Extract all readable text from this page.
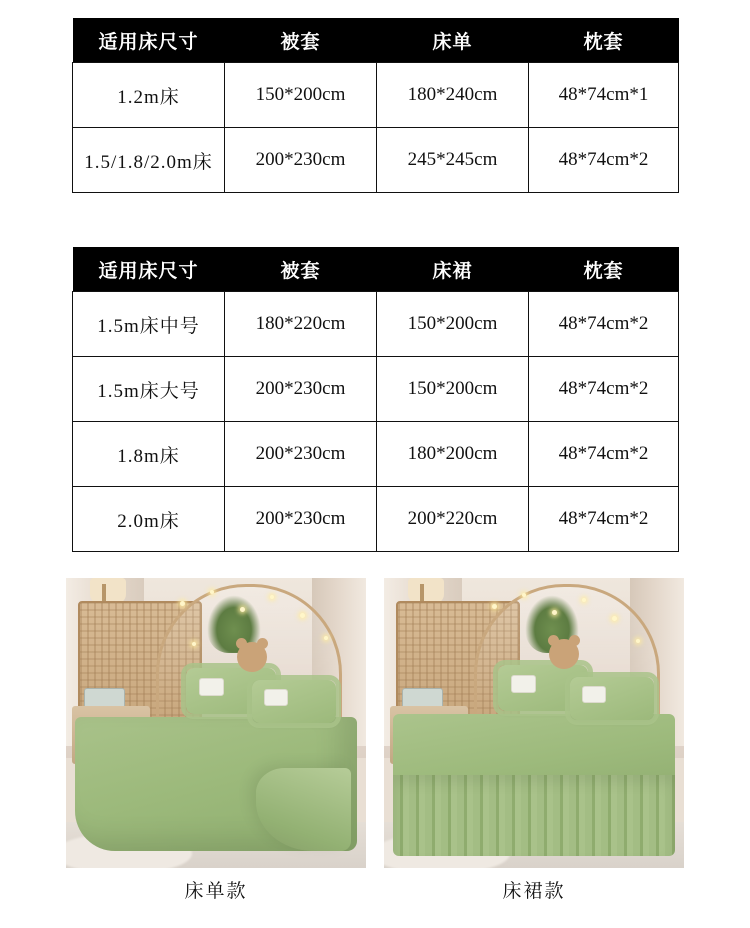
适用床尺寸	被套	床单	枕套
1.2m床	150*200cm	180*240cm	48*74cm*1
1.5/1.8/2.0m床	200*230cm	245*245cm	48*74cm*2
适用床尺寸	被套	床裙	枕套
1.5m床中号	180*220cm	150*200cm	48*74cm*2
1.5m床大号	200*230cm	150*200cm	48*74cm*2
1.8m床	200*230cm	180*200cm	48*74cm*2
2.0m床	200*230cm	200*220cm	48*74cm*2
床单款	床裙款
